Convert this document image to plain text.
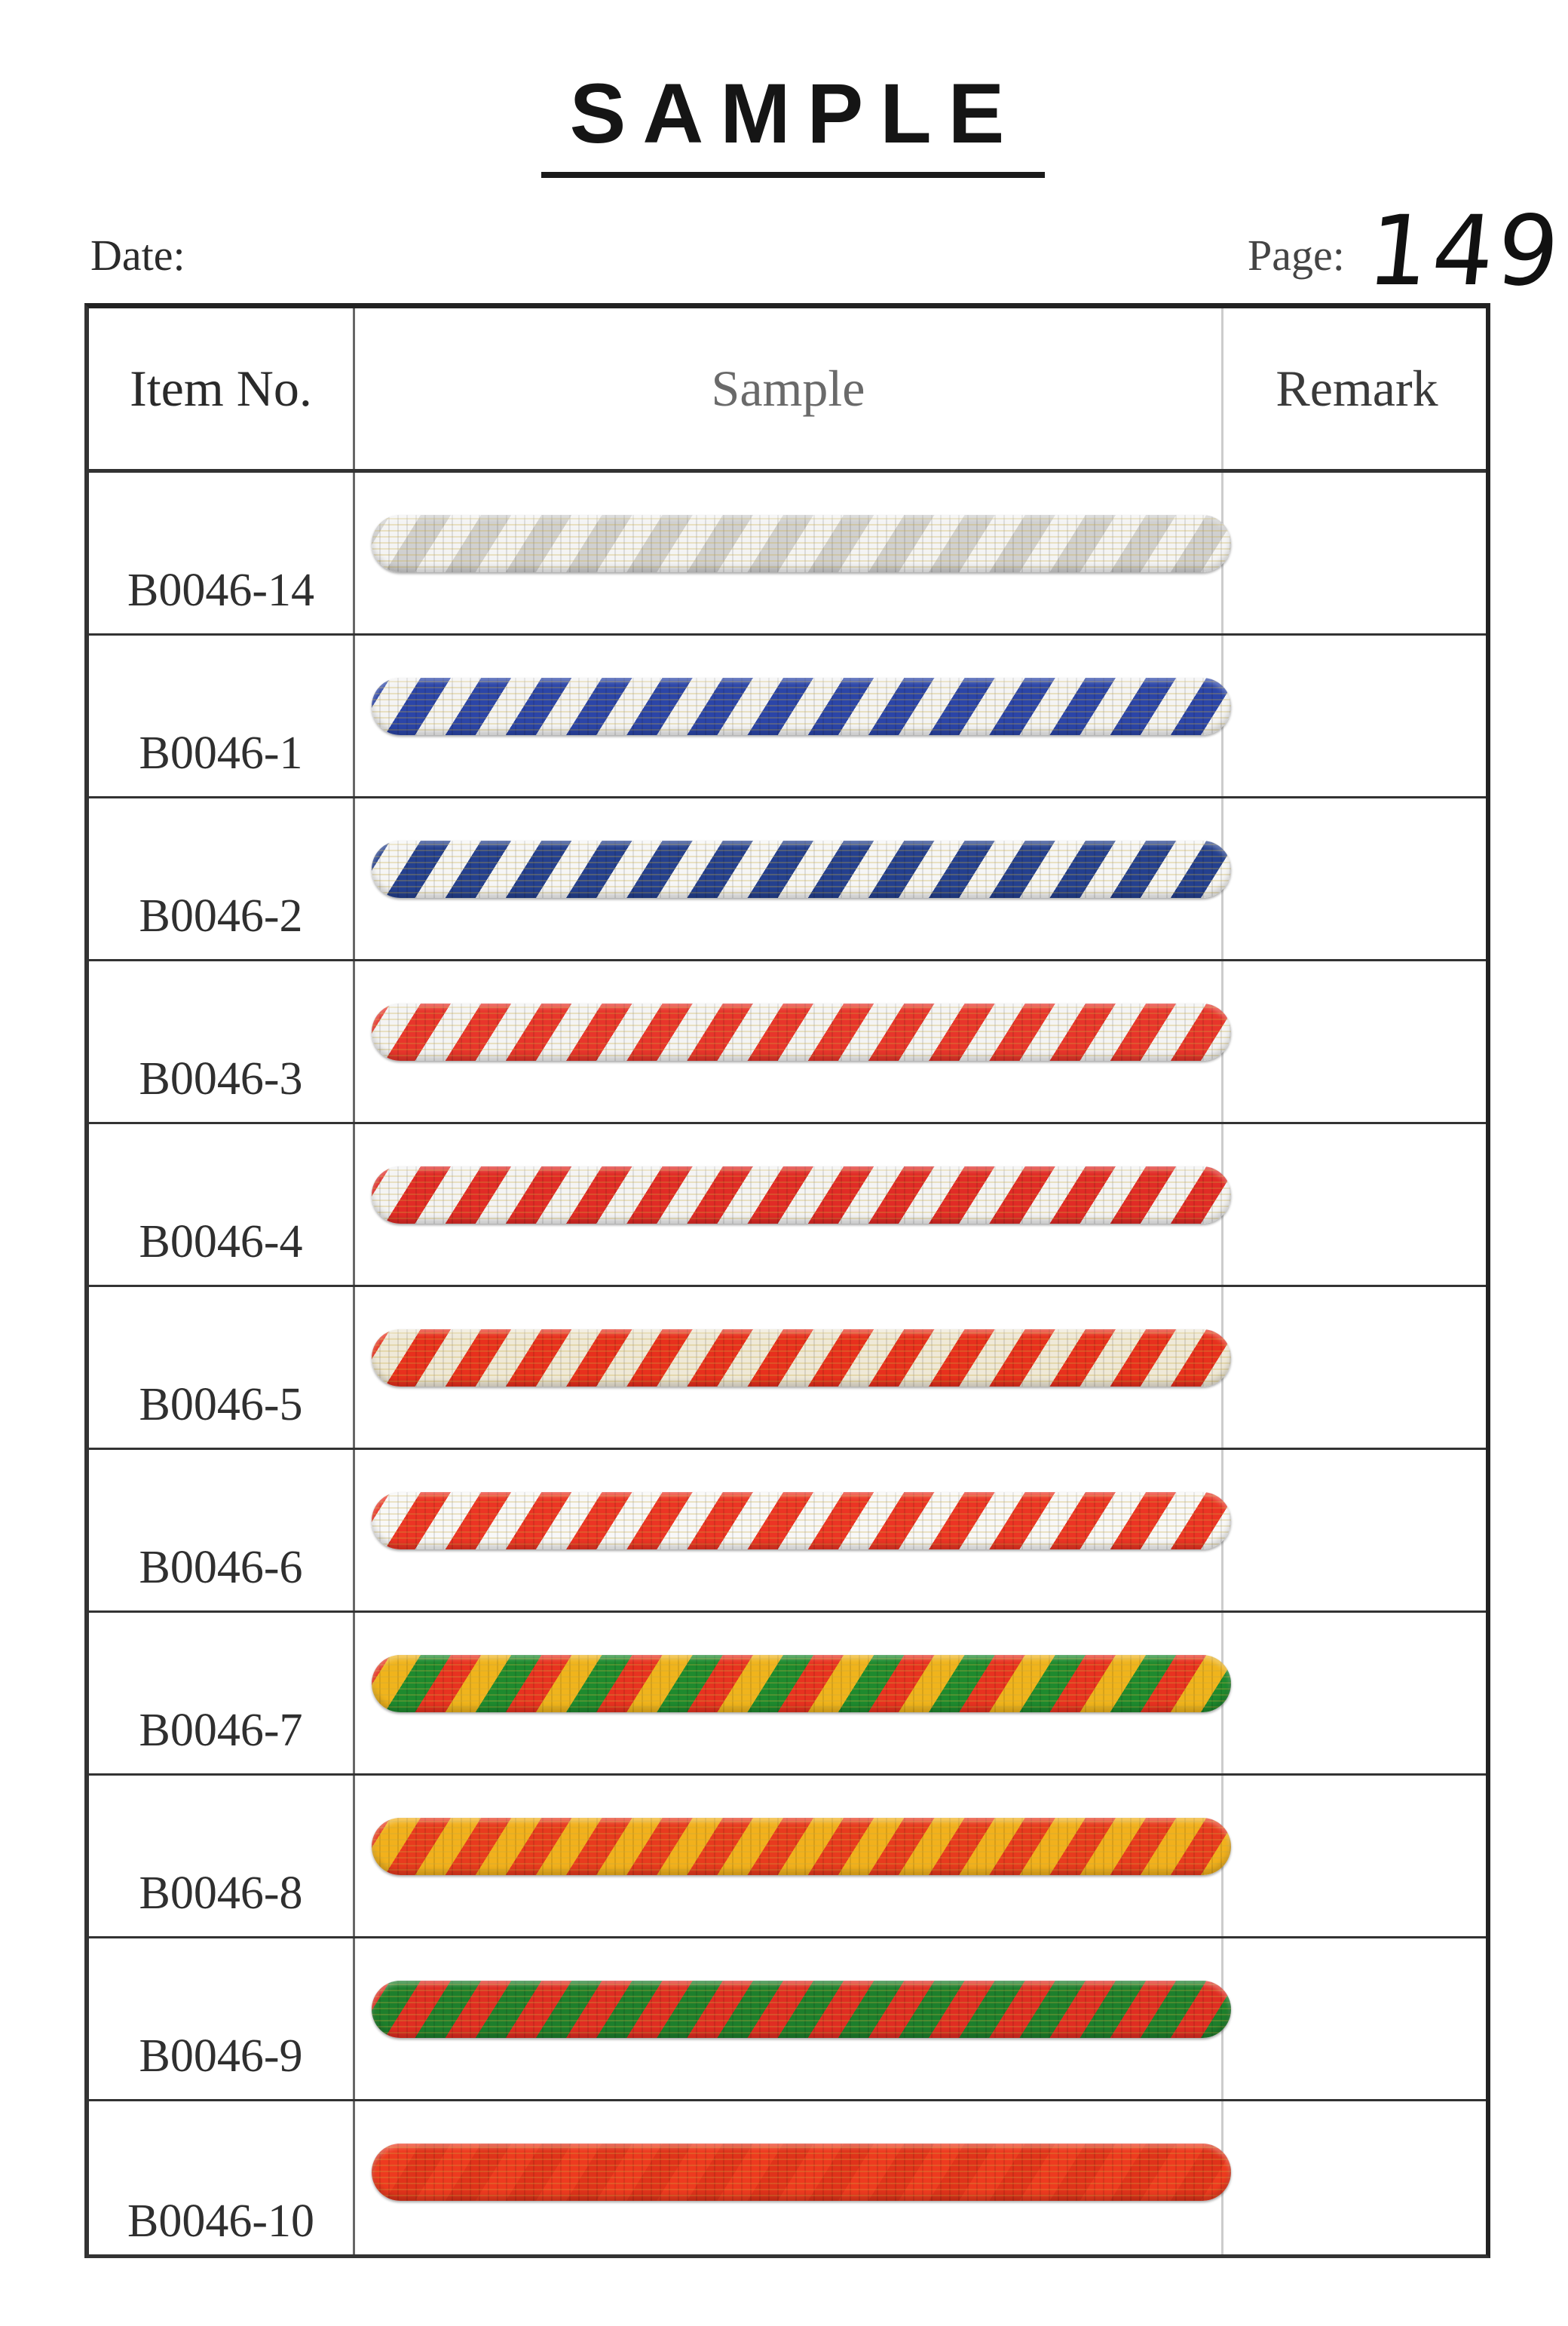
SAMPLE
Date:	Page: 149
Item No.	Sample	Remark
B0046-14
B0046-1
B0046-2
B0046-3
B0046-4
B0046-5
B0046-6
B0046-7
B0046-8
B0046-9
B0046-10
